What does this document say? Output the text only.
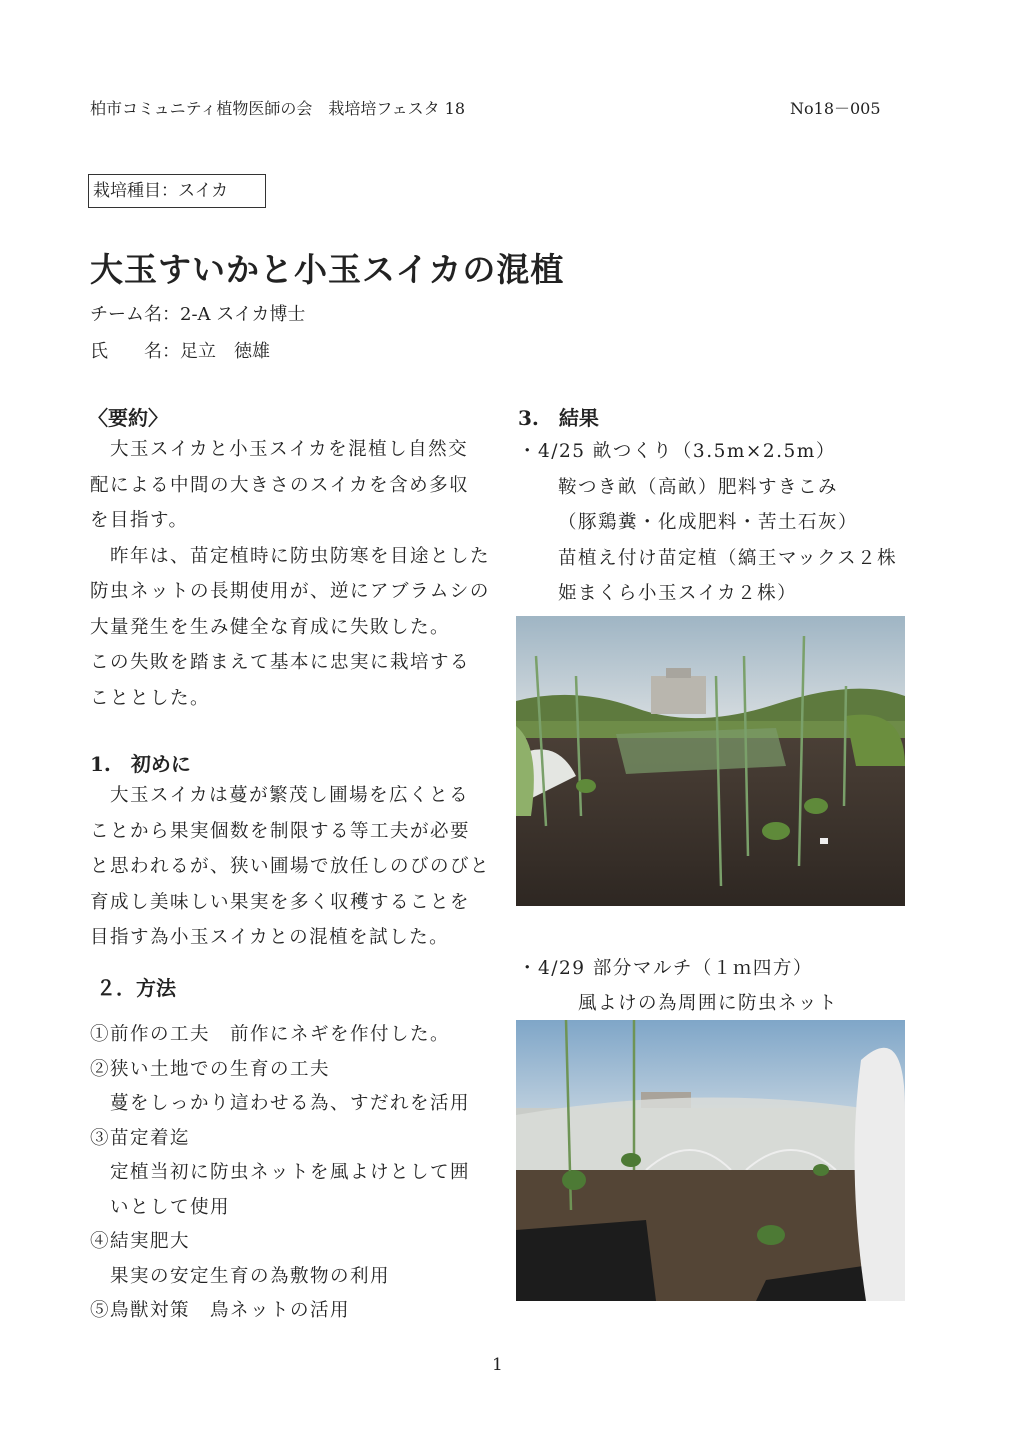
柏市コミュニティ植物医師の会　栽培培フェスタ 18	No18－005
栽培種目：スイカ
大玉すいかと小玉スイカの混植
チーム名：2-A スイカ博士
氏　　名：足立　徳雄
〈要約〉

大玉スイカと小玉スイカを混植し自然交

配による中間の大きさのスイカを含め多収

を目指す。

昨年は、苗定植時に防虫防寒を目途とした

防虫ネットの長期使用が、逆にアブラムシの

大量発生を生み健全な育成に失敗した。

この失敗を踏まえて基本に忠実に栽培する

こととした。

1.　初めに

大玉スイカは蔓が繁茂し圃場を広くとる

ことから果実個数を制限する等工夫が必要

と思われるが、狭い圃場で放任しのびのびと

育成し美味しい果実を多く収穫することを

目指す為小玉スイカとの混植を試した。

２．方法

①前作の工夫　前作にネギを作付した。

②狭い土地での生育の工夫

蔓をしっかり這わせる為、すだれを活用

③苗定着迄

定植当初に防虫ネットを風よけとして囲

いとして使用

④結実肥大

果実の安定生育の為敷物の利用

⑤鳥獣対策　鳥ネットの活用

3.　結果

・4/25 畝つくり（3.5m×2.5m）

鞍つき畝（高畝）肥料すきこみ

（豚鶏糞・化成肥料・苦土石灰）

苗植え付け苗定植（縞王マックス２株

姫まくら小玉スイカ２株）

・4/29 部分マルチ（１ｍ四方）

風よけの為周囲に防虫ネット

1
